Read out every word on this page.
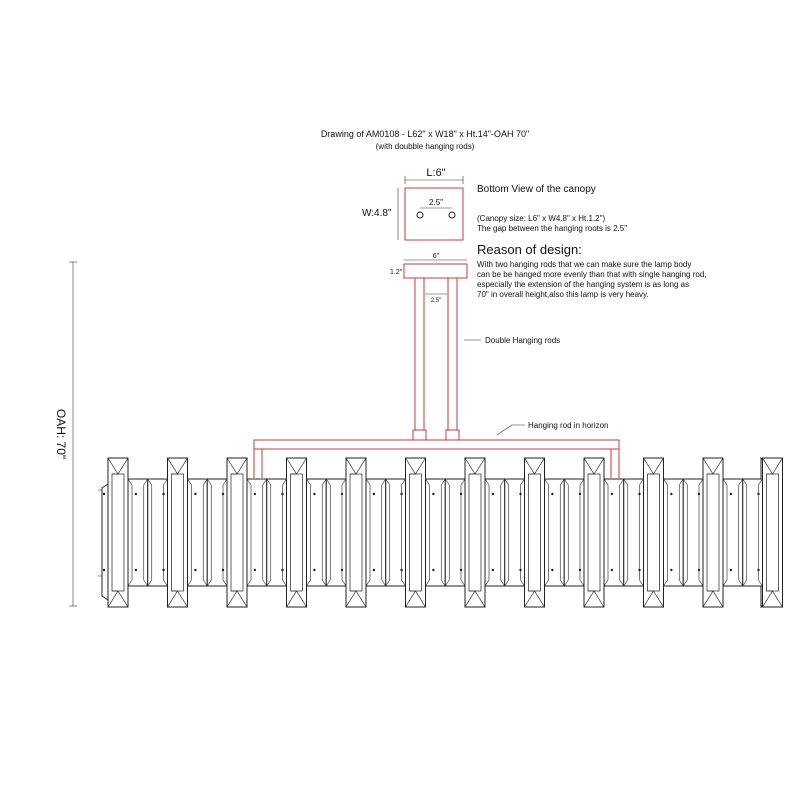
Drawing of AM0108 - L62" x W18" x Ht.14"-OAH 70"
(with doubble hanging rods)
L:6"
2.5"
W:4.8"
Bottom View of the canopy
(Canopy size: L6" x W4.8" x Ht.1.2")
The gap between the hanging roots is 2.5"
Reason of design:
With two hanging rods that we can make sure the lamp body
can be be hanged more evenly than that with single hanging rod,
especially the extension of the hanging system is as long as
70" in overall height,also this lamp is very heavy.
6"
1.2"
2.5"
Double Hanging rods
Hanging rod in horizon
OAH: 70"
